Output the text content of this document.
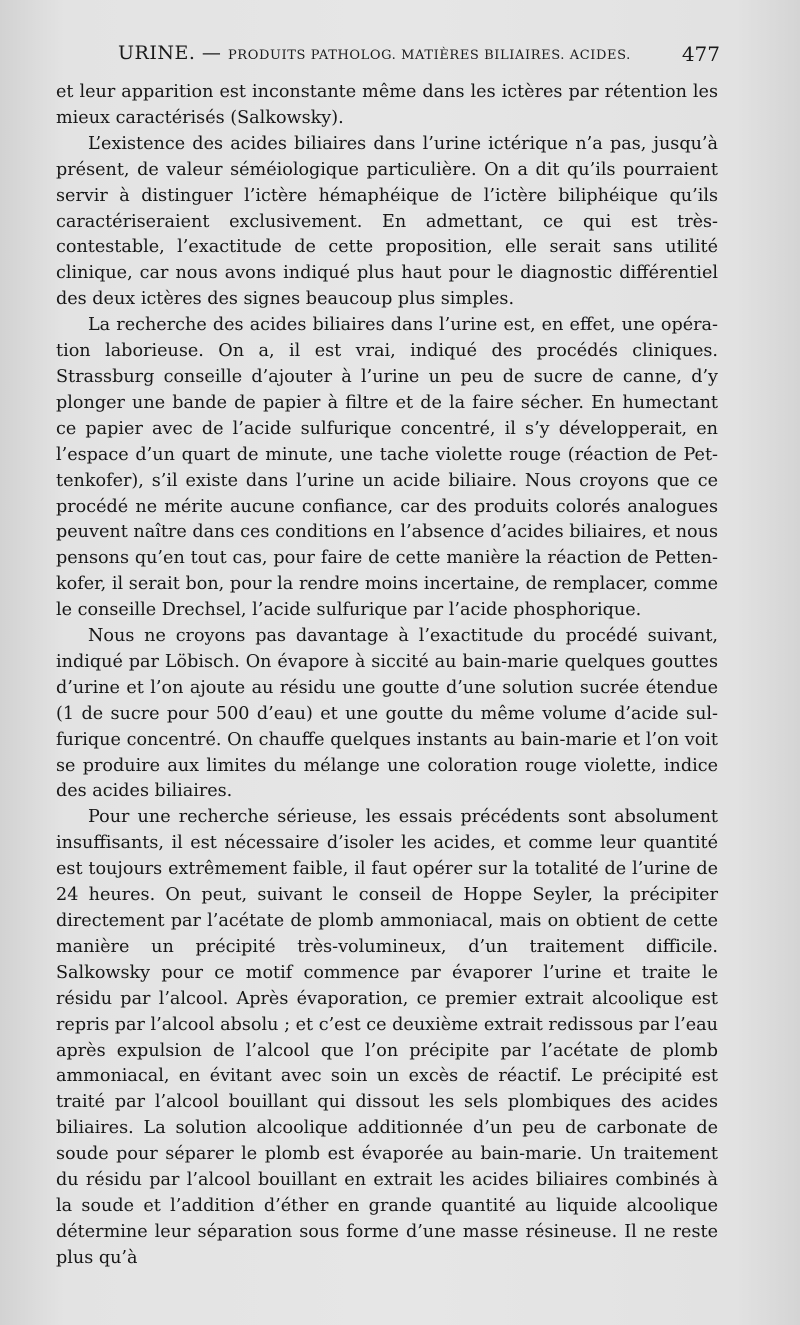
URINE. — PRODUITS PATHOLOG. MATIÈRES BILIAIRES. ACIDES.	477

et leur apparition est inconstante même dans les ictères par rétention les mieux caractérisés (Salkowsky).

L’existence des acides biliaires dans l’urine ictérique n’a pas, jusqu’à présent, de valeur séméiologique particulière. On a dit qu’ils pourraient servir à distinguer l’ictère hémaphéique de l’ictère biliphéique qu’ils caractériseraient exclusivement. En admettant, ce qui est très-contestable, l’exactitude de cette proposition, elle serait sans utilité clinique, car nous avons indiqué plus haut pour le diagnostic différentiel des deux ictères des signes beaucoup plus simples.

La recherche des acides biliaires dans l’urine est, en effet, une opération laborieuse. On a, il est vrai, indiqué des procédés cliniques. Strassburg conseille d’ajouter à l’urine un peu de sucre de canne, d’y plonger une bande de papier à filtre et de la faire sécher. En humectant ce papier avec de l’acide sulfurique concentré, il s’y développerait, en l’espace d’un quart de minute, une tache violette rouge (réaction de Pettenkofer), s’il existe dans l’urine un acide biliaire. Nous croyons que ce procédé ne mérite aucune confiance, car des produits colorés analogues peuvent naître dans ces conditions en l’absence d’acides biliaires, et nous pensons qu’en tout cas, pour faire de cette manière la réaction de Pettenkofer, il serait bon, pour la rendre moins incertaine, de remplacer, comme le conseille Drechsel, l’acide sulfurique par l’acide phosphorique.

Nous ne croyons pas davantage à l’exactitude du procédé suivant, indiqué par Löbisch. On évapore à siccité au bain-marie quelques gouttes d’urine et l’on ajoute au résidu une goutte d’une solution sucrée étendue (1 de sucre pour 500 d’eau) et une goutte du même volume d’acide sulfurique concentré. On chauffe quelques instants au bain-marie et l’on voit se produire aux limites du mélange une coloration rouge violette, indice des acides biliaires.

Pour une recherche sérieuse, les essais précédents sont absolument insuffisants, il est nécessaire d’isoler les acides, et comme leur quantité est toujours extrêmement faible, il faut opérer sur la totalité de l’urine de 24 heures. On peut, suivant le conseil de Hoppe Seyler, la précipiter directement par l’acétate de plomb ammoniacal, mais on obtient de cette manière un précipité très-volumineux, d’un traitement difficile. Salkowsky pour ce motif commence par évaporer l’urine et traite le résidu par l’alcool. Après évaporation, ce premier extrait alcoolique est repris par l’alcool absolu ; et c’est ce deuxième extrait redissous par l’eau après expulsion de l’alcool que l’on précipite par l’acétate de plomb ammoniacal, en évitant avec soin un excès de réactif. Le précipité est traité par l’alcool bouillant qui dissout les sels plombiques des acides biliaires. La solution alcoolique additionnée d’un peu de carbonate de soude pour séparer le plomb est évaporée au bain-marie. Un traitement du résidu par l’alcool bouillant en extrait les acides biliaires combinés à la soude et l’addition d’éther en grande quantité au liquide alcoolique détermine leur séparation sous forme d’une masse résineuse. Il ne reste plus qu’à
